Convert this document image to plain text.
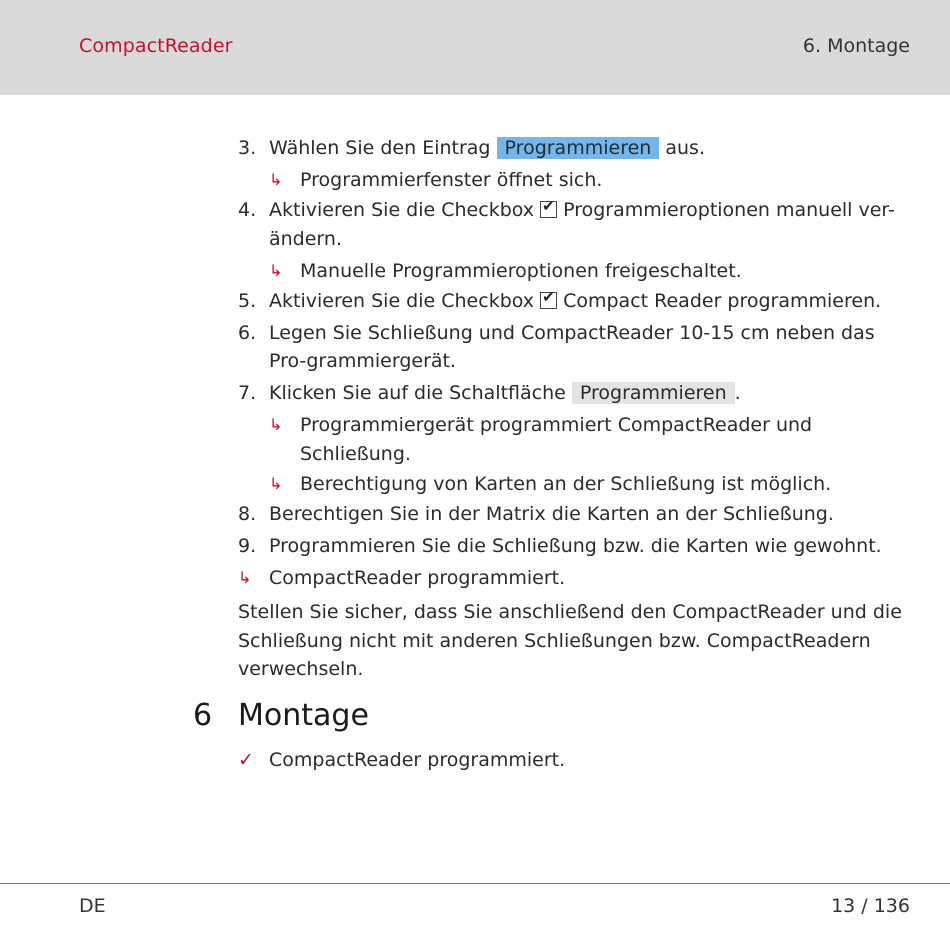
CompactReader	6. Montage
3. Wählen Sie den Eintrag Programmieren aus.
↳ Programmierfenster öffnet sich.
4. Aktivieren Sie die Checkbox ✔ Programmieroptionen manuell ver-ändern.
↳ Manuelle Programmieroptionen freigeschaltet.
5. Aktivieren Sie die Checkbox ✔ Compact Reader programmieren.
6. Legen Sie Schließung und CompactReader 10-15 cm neben das Pro-grammiergerät.
7. Klicken Sie auf die Schaltfläche Programmieren .
↳ Programmiergerät programmiert CompactReader und Schließung.
↳ Berechtigung von Karten an der Schließung ist möglich.
8. Berechtigen Sie in der Matrix die Karten an der Schließung.
9. Programmieren Sie die Schließung bzw. die Karten wie gewohnt.
↳ CompactReader programmiert.
Stellen Sie sicher, dass Sie anschließend den CompactReader und die Schließung nicht mit anderen Schließungen bzw. CompactReadern verwechseln.
6 Montage
✓ CompactReader programmiert.
DE	13 / 136
